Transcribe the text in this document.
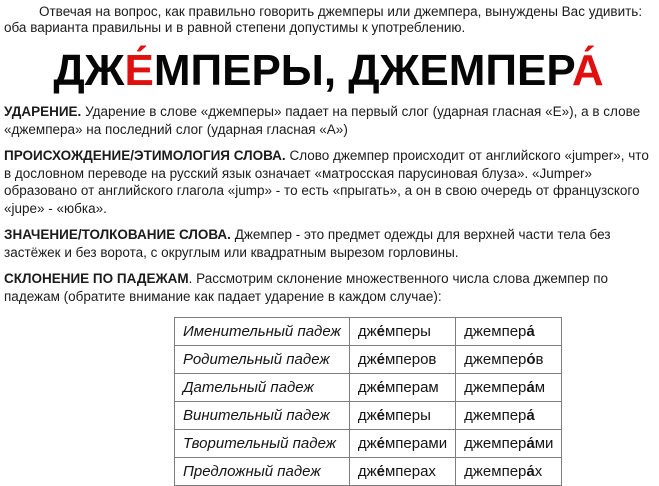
Отвечая на вопрос, как правильно говорить джемперы или джемпера, вынуждены Вас удивить: оба варианта правильны и в равной степени допустимы к употреблению.

ДЖЕ́МПЕРЫ, ДЖЕМПЕРА́

УДАРЕНИЕ. Ударение в слове «джемперы» падает на первый слог (ударная гласная «Е»), а в слове «джемпера» на последний слог (ударная гласная «А»)

ПРОИСХОЖДЕНИЕ/ЭТИМОЛОГИЯ СЛОВА. Слово джемпер происходит от английского «jumper», что в дословном переводе на русский язык означает «матросская парусиновая блуза». «Jumper» образовано от английского глагола «jump» - то есть «прыгать», а он в свою очередь от французского «jupe» - «юбка».

ЗНАЧЕНИЕ/ТОЛКОВАНИЕ СЛОВА. Джемпер - это предмет одежды для верхней части тела без застёжек и без ворота, с округлым или квадратным вырезом горловины.

СКЛОНЕНИЕ ПО ПАДЕЖАМ. Рассмотрим склонение множественного числа слова джемпер по падежам (обратите внимание как падает ударение в каждом случае):

Именительный падеж	дже́мперы	джемпера́
Родительный падеж	дже́мперов	джемперо́в
Дательный падеж	дже́мперам	джемпера́м
Винительный падеж	дже́мперы	джемпера́
Творительный падеж	дже́мперами	джемпера́ми
Предложный падеж	дже́мперах	джемпера́х
